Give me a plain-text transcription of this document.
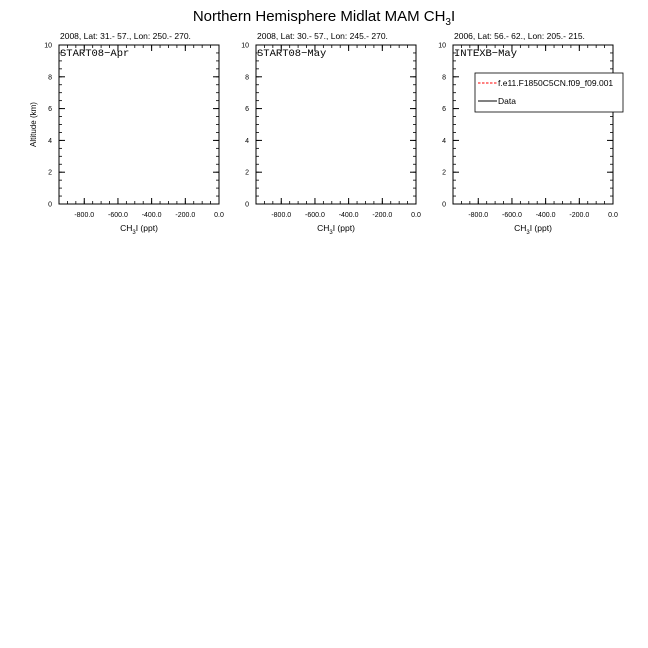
Northern Hemisphere Midlat MAM $CH_3I$
2008, Lat: 31.- 57., Lon: 250.- 270.
START08−Apr
-800.0 -600.0 -400.0 -200.0	0.0
0
2
4
6
8
10
$CH_3I$ (ppt)
Altitude (km)
2008, Lat: 30.- 57., Lon: 245.- 270.
START08−May
-800.0 -600.0 -400.0 -200.0	0.0
0
2
4
6
8
10
$CH_3I$ (ppt)
2006, Lat: 56.- 62., Lon: 205.- 215.
INTEXB−May
-800.0 -600.0 -400.0 -200.0	0.0
0
2
4
6
8
10
$CH_3I$ (ppt)
f.e11.F1850C5CN.f09_f09.001
Data
